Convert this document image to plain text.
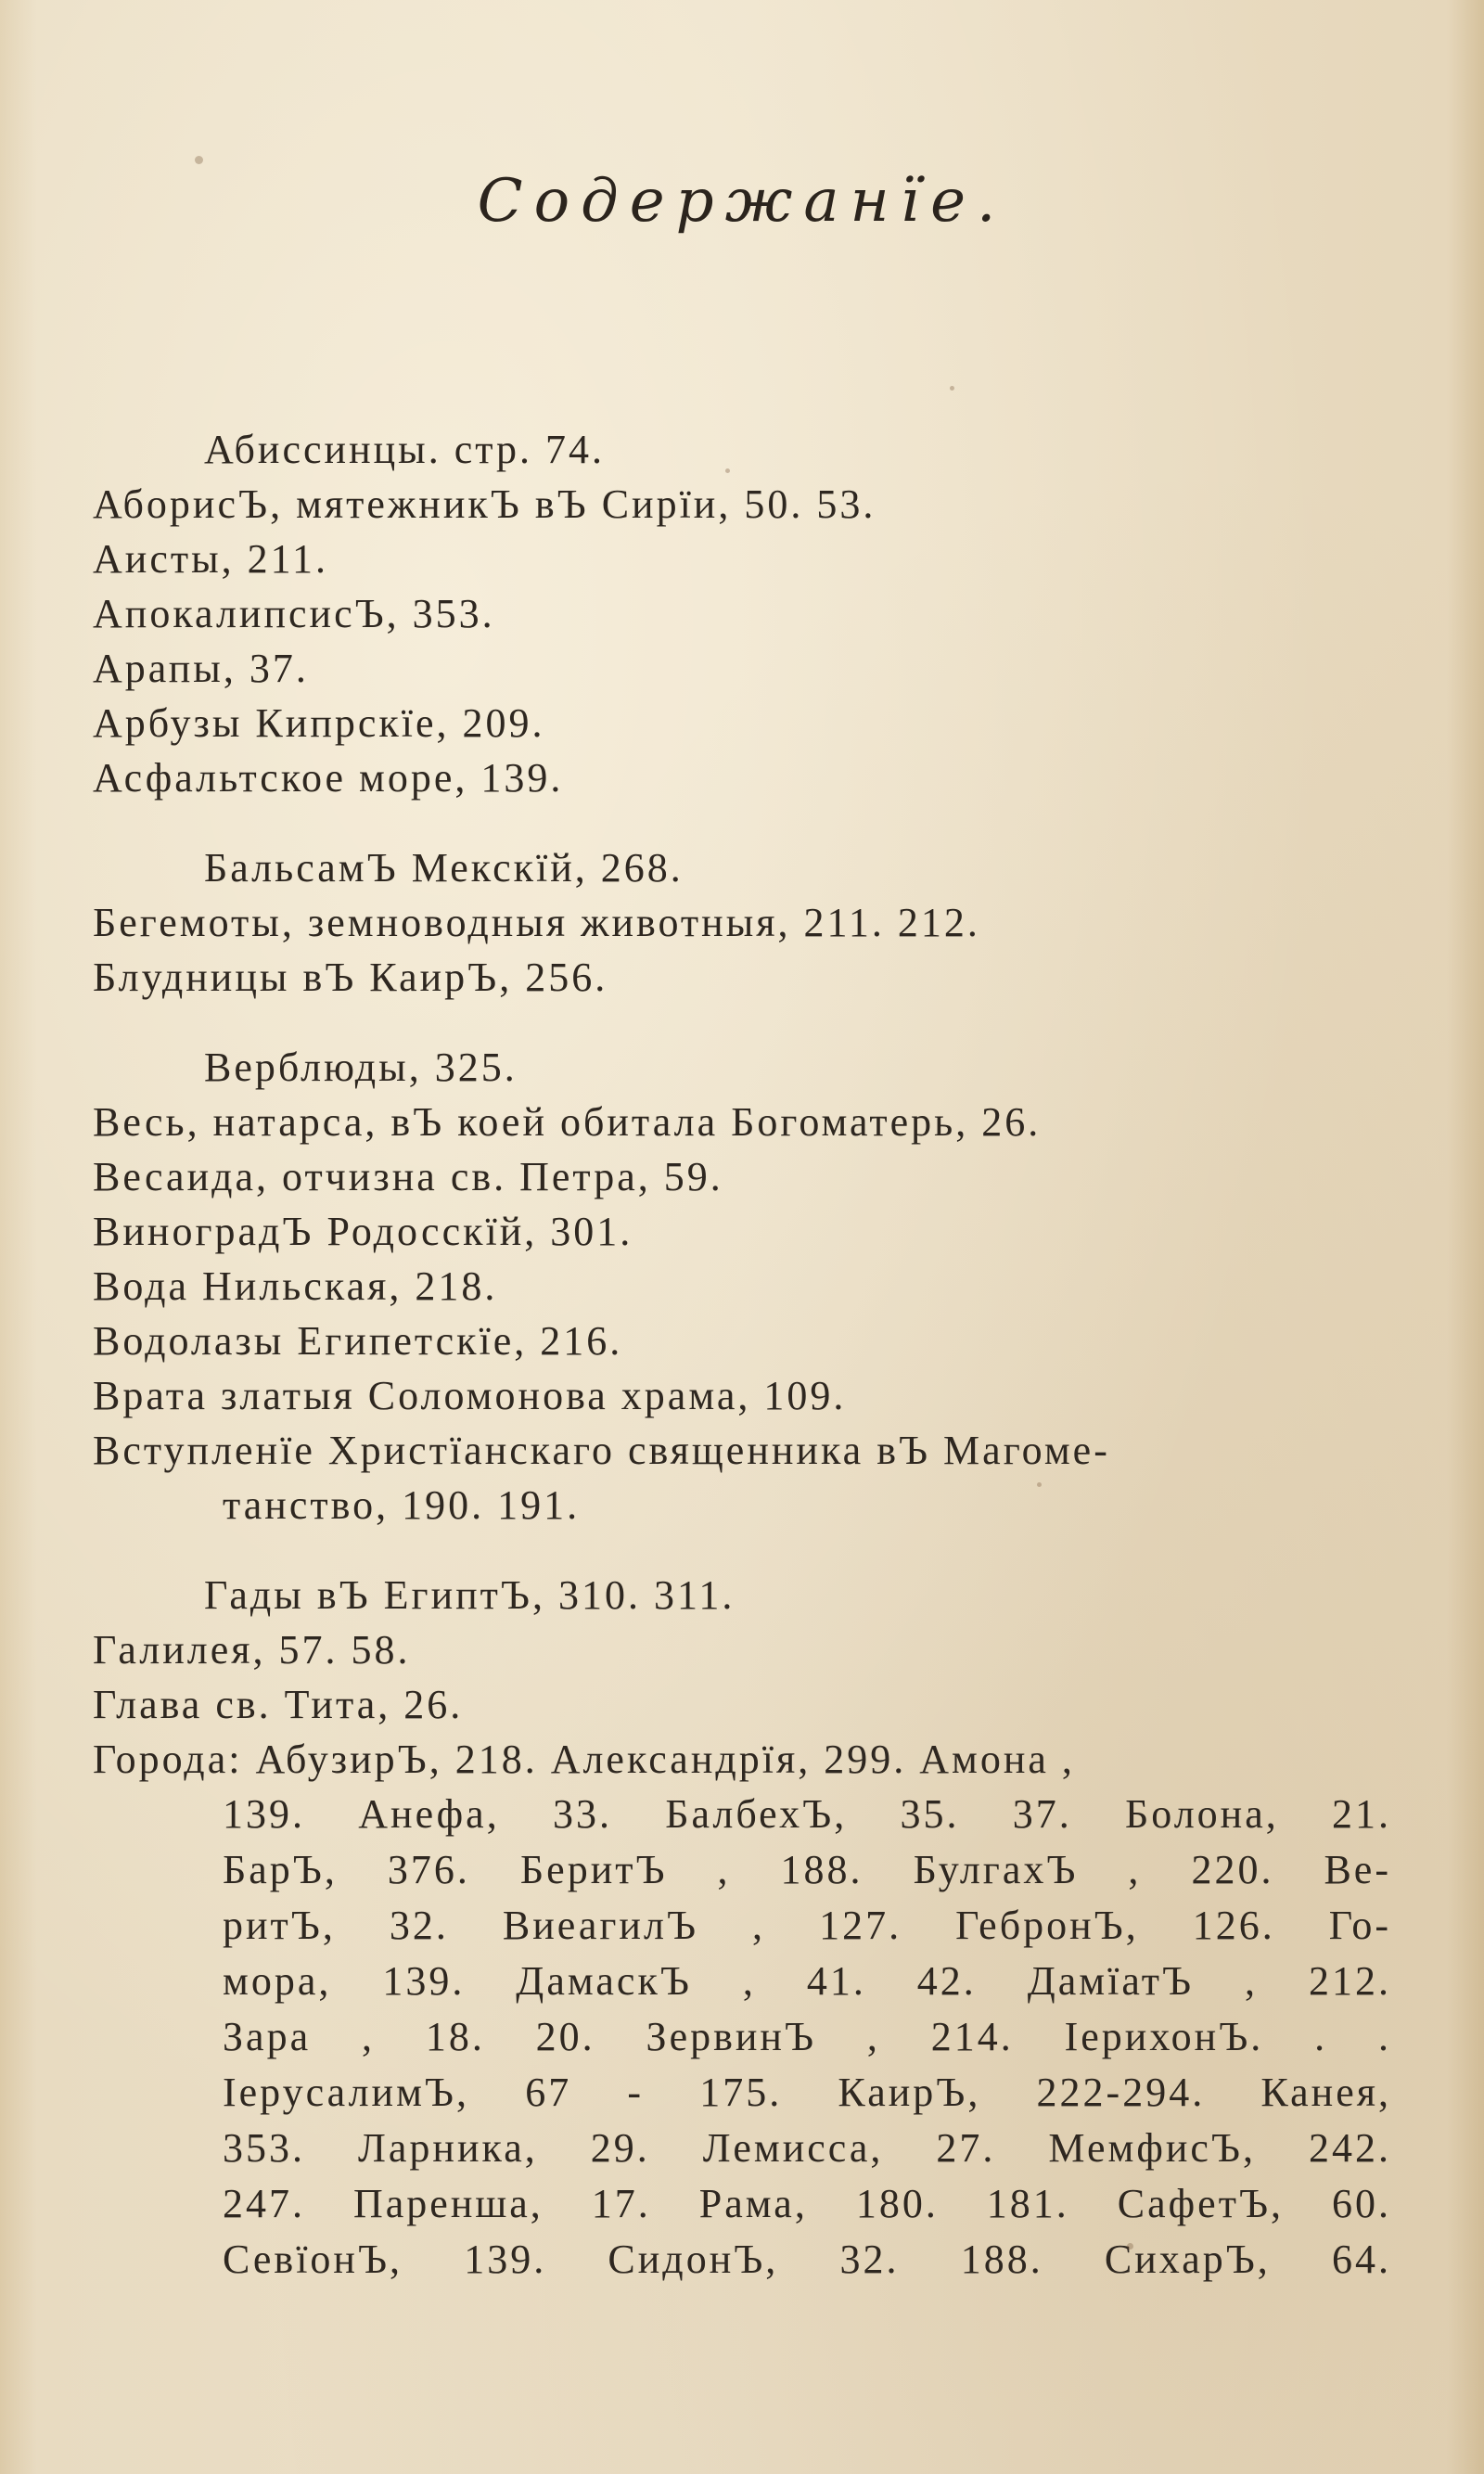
Содержанїе.
Абиссинцы. стр. 74.
АборисЪ, мятежникЪ вЪ Сирїи, 50. 53.
Аисты, 211.
АпокалипсисЪ, 353.
Арапы, 37.
Арбузы Кипрскїе, 209.
Асфальтское море, 139.
БальсамЪ Мекскїй, 268.
Бегемоты, земноводныя животныя, 211. 212.
Блудницы вЪ КаирЪ, 256.
Верблюды, 325.
Весь, натарса, вЪ коей обитала Богоматерь, 26.
Весаида, отчизна св. Петра, 59.
ВиноградЪ Родосскїй, 301.
Вода Нильская, 218.
Водолазы Египетскїе, 216.
Врата златыя Соломонова храма, 109.
Вступленїе Христїанскаго священника вЪ Магоме-
танство, 190. 191.
Гады вЪ ЕгиптЪ, 310. 311.
Галилея, 57. 58.
Глава св. Тита, 26.
Города: АбузирЪ, 218. Александрїя, 299. Амона ,
139. Анефа, 33. БалбехЪ, 35. 37. Болона, 21.
БарЪ, 376. БеритЪ , 188. БулгахЪ , 220. Ве-
ритЪ, 32. ВиеагилЪ , 127. ГебронЪ, 126. Го-
мора, 139. ДамаскЪ , 41. 42. ДамїатЪ , 212.
Зара , 18. 20. ЗервинЪ , 214. IерихонЪ. . .
IерусалимЪ, 67 - 175. КаирЪ, 222-294. Канея,
353. Ларника, 29. Лемисса, 27. МемфисЪ, 242.
247. Паренша, 17. Рама, 180. 181. СафетЪ, 60.
СевїонЪ, 139. СидонЪ, 32. 188. СихарЪ, 64.
